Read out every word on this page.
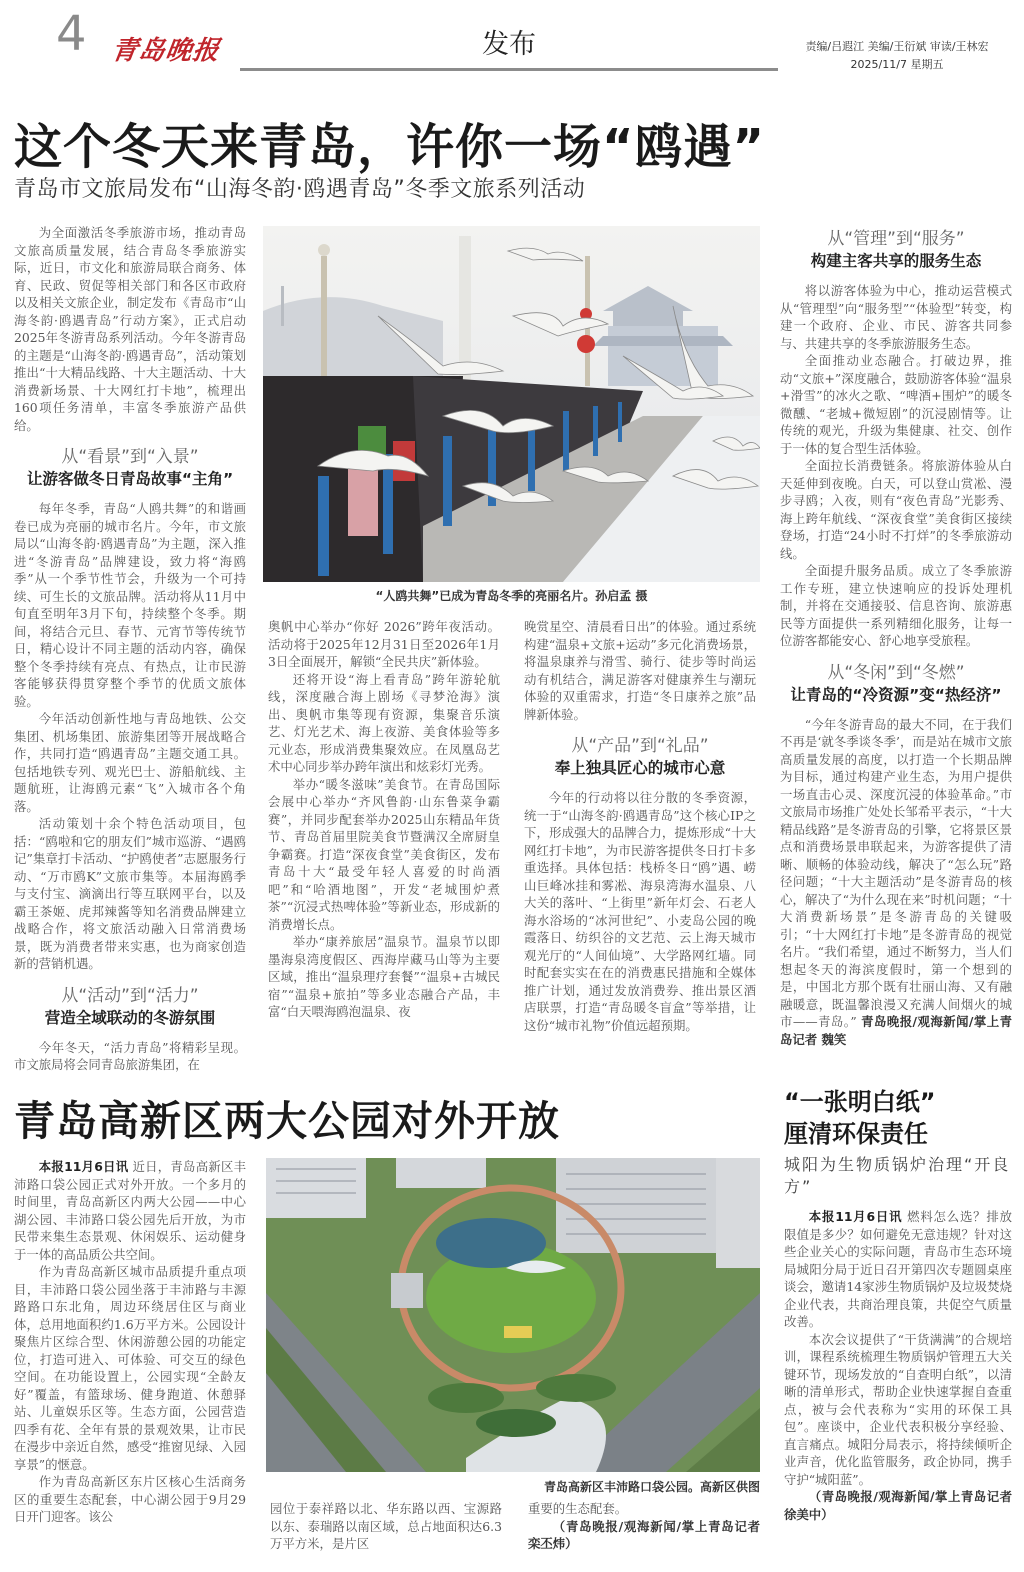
4 青岛晚报	发布	责编/吕遐江 美编/王衍斌 审读/王林宏
2025/11/7 星期五
这个冬天来青岛，许你一场“鸥遇”
青岛市文旅局发布“山海冬韵·鸥遇青岛”冬季文旅系列活动

为全面激活冬季旅游市场，推动青岛文旅高质量发展，结合青岛冬季旅游实际，近日，市文化和旅游局联合商务、体育、民政、贸促等相关部门和各区市政府以及相关文旅企业，制定发布《青岛市“山海冬韵·鸥遇青岛”行动方案》，正式启动2025年冬游青岛系列活动。今年冬游青岛的主题是“山海冬韵·鸥遇青岛”，活动策划推出“十大精品线路、十大主题活动、十大消费新场景、十大网红打卡地”，梳理出160项任务清单，丰富冬季旅游产品供给。

从“看景”到“入景”
让游客做冬日青岛故事“主角”

每年冬季，青岛“人鸥共舞”的和谐画卷已成为亮丽的城市名片。今年，市文旅局以“山海冬韵·鸥遇青岛”为主题，深入推进“冬游青岛”品牌建设，致力将“海鸥季”从一个季节性节会，升级为一个可持续、可生长的文旅品牌。活动将从11月中旬直至明年3月下旬，持续整个冬季。期间，将结合元旦、春节、元宵节等传统节日，精心设计不同主题的活动内容，确保整个冬季持续有亮点、有热点，让市民游客能够获得贯穿整个季节的优质文旅体验。

今年活动创新性地与青岛地铁、公交集团、机场集团、旅游集团等开展战略合作，共同打造“鸥遇青岛”主题交通工具。包括地铁专列、观光巴士、游船航线、主题航班，让海鸥元素“飞”入城市各个角落。

活动策划十余个特色活动项目，包括：“鸥啦和它的朋友们”城市巡游、“遇鸥记”集章打卡活动、“护鸥使者”志愿服务行动、“万市鸥K”文旅市集等。本届海鸥季与支付宝、滴滴出行等互联网平台，以及霸王茶姬、虎邦辣酱等知名消费品牌建立战略合作，将文旅活动融入日常消费场景，既为消费者带来实惠，也为商家创造新的营销机遇。

从“活动”到“活力”
营造全域联动的冬游氛围

今年冬天，“活力青岛”将精彩呈现。市文旅局将会同青岛旅游集团，在

“人鸥共舞”已成为青岛冬季的亮丽名片。孙启孟 摄

奥帆中心举办“你好 2026”跨年夜活动。活动将于2025年12月31日至2026年1月3日全面展开，解锁“全民共庆”新体验。

还将开设“海上看青岛”跨年游轮航线，深度融合海上剧场《寻梦沧海》演出、奥帆市集等现有资源，集聚音乐演艺、灯光艺术、海上夜游、美食体验等多元业态，形成消费集聚效应。在凤凰岛艺术中心同步举办跨年演出和炫彩灯光秀。

举办“暖冬滋味”美食节。在青岛国际会展中心举办“齐风鲁韵·山东鲁菜争霸赛”，并同步配套举办2025山东精品年货节、青岛首届里院美食节暨满汉全席厨皇争霸赛。打造“深夜食堂”美食街区，发布青岛十大“最受年轻人喜爱的时尚酒吧”和“哈酒地图”，开发“老城围炉煮茶”“沉浸式热啤体验”等新业态，形成新的消费增长点。

举办“康养旅居”温泉节。温泉节以即墨海泉湾度假区、西海岸藏马山等为主要区域，推出“温泉理疗套餐”“温泉+古城民宿”“温泉+旅拍”等多业态融合产品，丰富“白天喂海鸥泡温泉、夜

晚赏星空、清晨看日出”的体验。通过系统构建“温泉+文旅+运动”多元化消费场景，将温泉康养与滑雪、骑行、徒步等时尚运动有机结合，满足游客对健康养生与潮玩体验的双重需求，打造“冬日康养之旅”品牌新体验。

从“产品”到“礼品”
奉上独具匠心的城市心意

今年的行动将以往分散的冬季资源，统一于“山海冬韵·鸥遇青岛”这个核心IP之下，形成强大的品牌合力，提炼形成“十大网红打卡地”，为市民游客提供冬日打卡多重选择。具体包括：栈桥冬日“鸥”遇、崂山巨峰冰挂和雾凇、海泉湾海水温泉、八大关的落叶、“上街里”新年灯会、石老人海水浴场的“冰河世纪”、小麦岛公园的晚霞落日、纺织谷的文艺范、云上海天城市观光厅的“人间仙境”、大学路网红墙。同时配套实实在在的消费惠民措施和全媒体推广计划，通过发放消费券、推出景区酒店联票，打造“青岛暖冬盲盒”等举措，让这份“城市礼物”价值远超预期。

从“管理”到“服务”
构建主客共享的服务生态

将以游客体验为中心，推动运营模式从“管理型”向“服务型”“体验型”转变，构建一个政府、企业、市民、游客共同参与、共建共享的冬季旅游服务生态。

全面推动业态融合。打破边界，推动“文旅+”深度融合，鼓励游客体验“温泉+滑雪”的冰火之歌、“啤酒+围炉”的暖冬微醺、“老城+微短剧”的沉浸剧情等。让传统的观光，升级为集健康、社交、创作于一体的复合型生活体验。

全面拉长消费链条。将旅游体验从白天延伸到夜晚。白天，可以登山赏凇、漫步寻鸥；入夜，则有“夜色青岛”光影秀、海上跨年航线、“深夜食堂”美食街区接续登场，打造“24小时不打烊”的冬季旅游动线。

全面提升服务品质。成立了冬季旅游工作专班，建立快速响应的投诉处理机制，并将在交通接驳、信息咨询、旅游惠民等方面提供一系列精细化服务，让每一位游客都能安心、舒心地享受旅程。

从“冬闲”到“冬燃”
让青岛的“冷资源”变“热经济”

“今年冬游青岛的最大不同，在于我们不再是‘就冬季谈冬季’，而是站在城市文旅高质量发展的高度，以打造一个长期品牌为目标，通过构建产业生态，为用户提供一场直击心灵、深度沉浸的体验革命。”市文旅局市场推广处处长邹希平表示，“十大精品线路”是冬游青岛的引擎，它将景区景点和消费场景串联起来，为游客提供了清晰、顺畅的体验动线，解决了“怎么玩”路径问题；“十大主题活动”是冬游青岛的核心，解决了“为什么现在来”时机问题；“十大消费新场景”是冬游青岛的关键吸引；“十大网红打卡地”是冬游青岛的视觉名片。“我们希望，通过不断努力，当人们想起冬天的海滨度假时，第一个想到的是，中国北方那个既有壮丽山海、又有融融暖意，既温馨浪漫又充满人间烟火的城市——青岛。” 青岛晚报/观海新闻/掌上青岛记者 魏笑

青岛高新区两大公园对外开放

本报11月6日讯 近日，青岛高新区丰沛路口袋公园正式对外开放。一个多月的时间里，青岛高新区内两大公园——中心湖公园、丰沛路口袋公园先后开放，为市民带来集生态景观、休闲娱乐、运动健身于一体的高品质公共空间。

作为青岛高新区城市品质提升重点项目，丰沛路口袋公园坐落于丰沛路与丰源路路口东北角，周边环绕居住区与商业体，总用地面积约1.6万平方米。公园设计聚焦片区综合型、休闲游憩公园的功能定位，打造可进入、可体验、可交互的绿色空间。在功能设置上，公园实现“全龄友好”覆盖，有篮球场、健身跑道、休憩驿站、儿童娱乐区等。生态方面，公园营造四季有花、全年有景的景观效果，让市民在漫步中亲近自然，感受“推窗见绿、入园享景”的惬意。

作为青岛高新区东片区核心生活商务区的重要生态配套，中心湖公园于9月29日开门迎客。该公

青岛高新区丰沛路口袋公园。高新区供图

园位于泰祥路以北、华东路以西、宝源路以东、泰瑞路以南区域，总占地面积达6.3万平方米，是片区

重要的生态配套。

（青岛晚报/观海新闻/掌上青岛记者 栾丕炜）

“一张明白纸”
厘清环保责任
城阳为生物质锅炉治理“开良方”

本报11月6日讯 燃料怎么选？排放限值是多少？如何避免无意违规？针对这些企业关心的实际问题，青岛市生态环境局城阳分局于近日召开第四次专题圆桌座谈会，邀请14家涉生物质锅炉及垃圾焚烧企业代表，共商治理良策，共促空气质量改善。

本次会议提供了“干货满满”的合规培训，课程系统梳理生物质锅炉管理五大关键环节，现场发放的“自查明白纸”，以清晰的清单形式，帮助企业快速掌握自查重点，被与会代表称为“实用的环保工具包”。座谈中，企业代表积极分享经验、直言痛点。城阳分局表示，将持续倾听企业声音，优化监管服务，政企协同，携手守护“城阳蓝”。

（青岛晚报/观海新闻/掌上青岛记者 徐美中）
